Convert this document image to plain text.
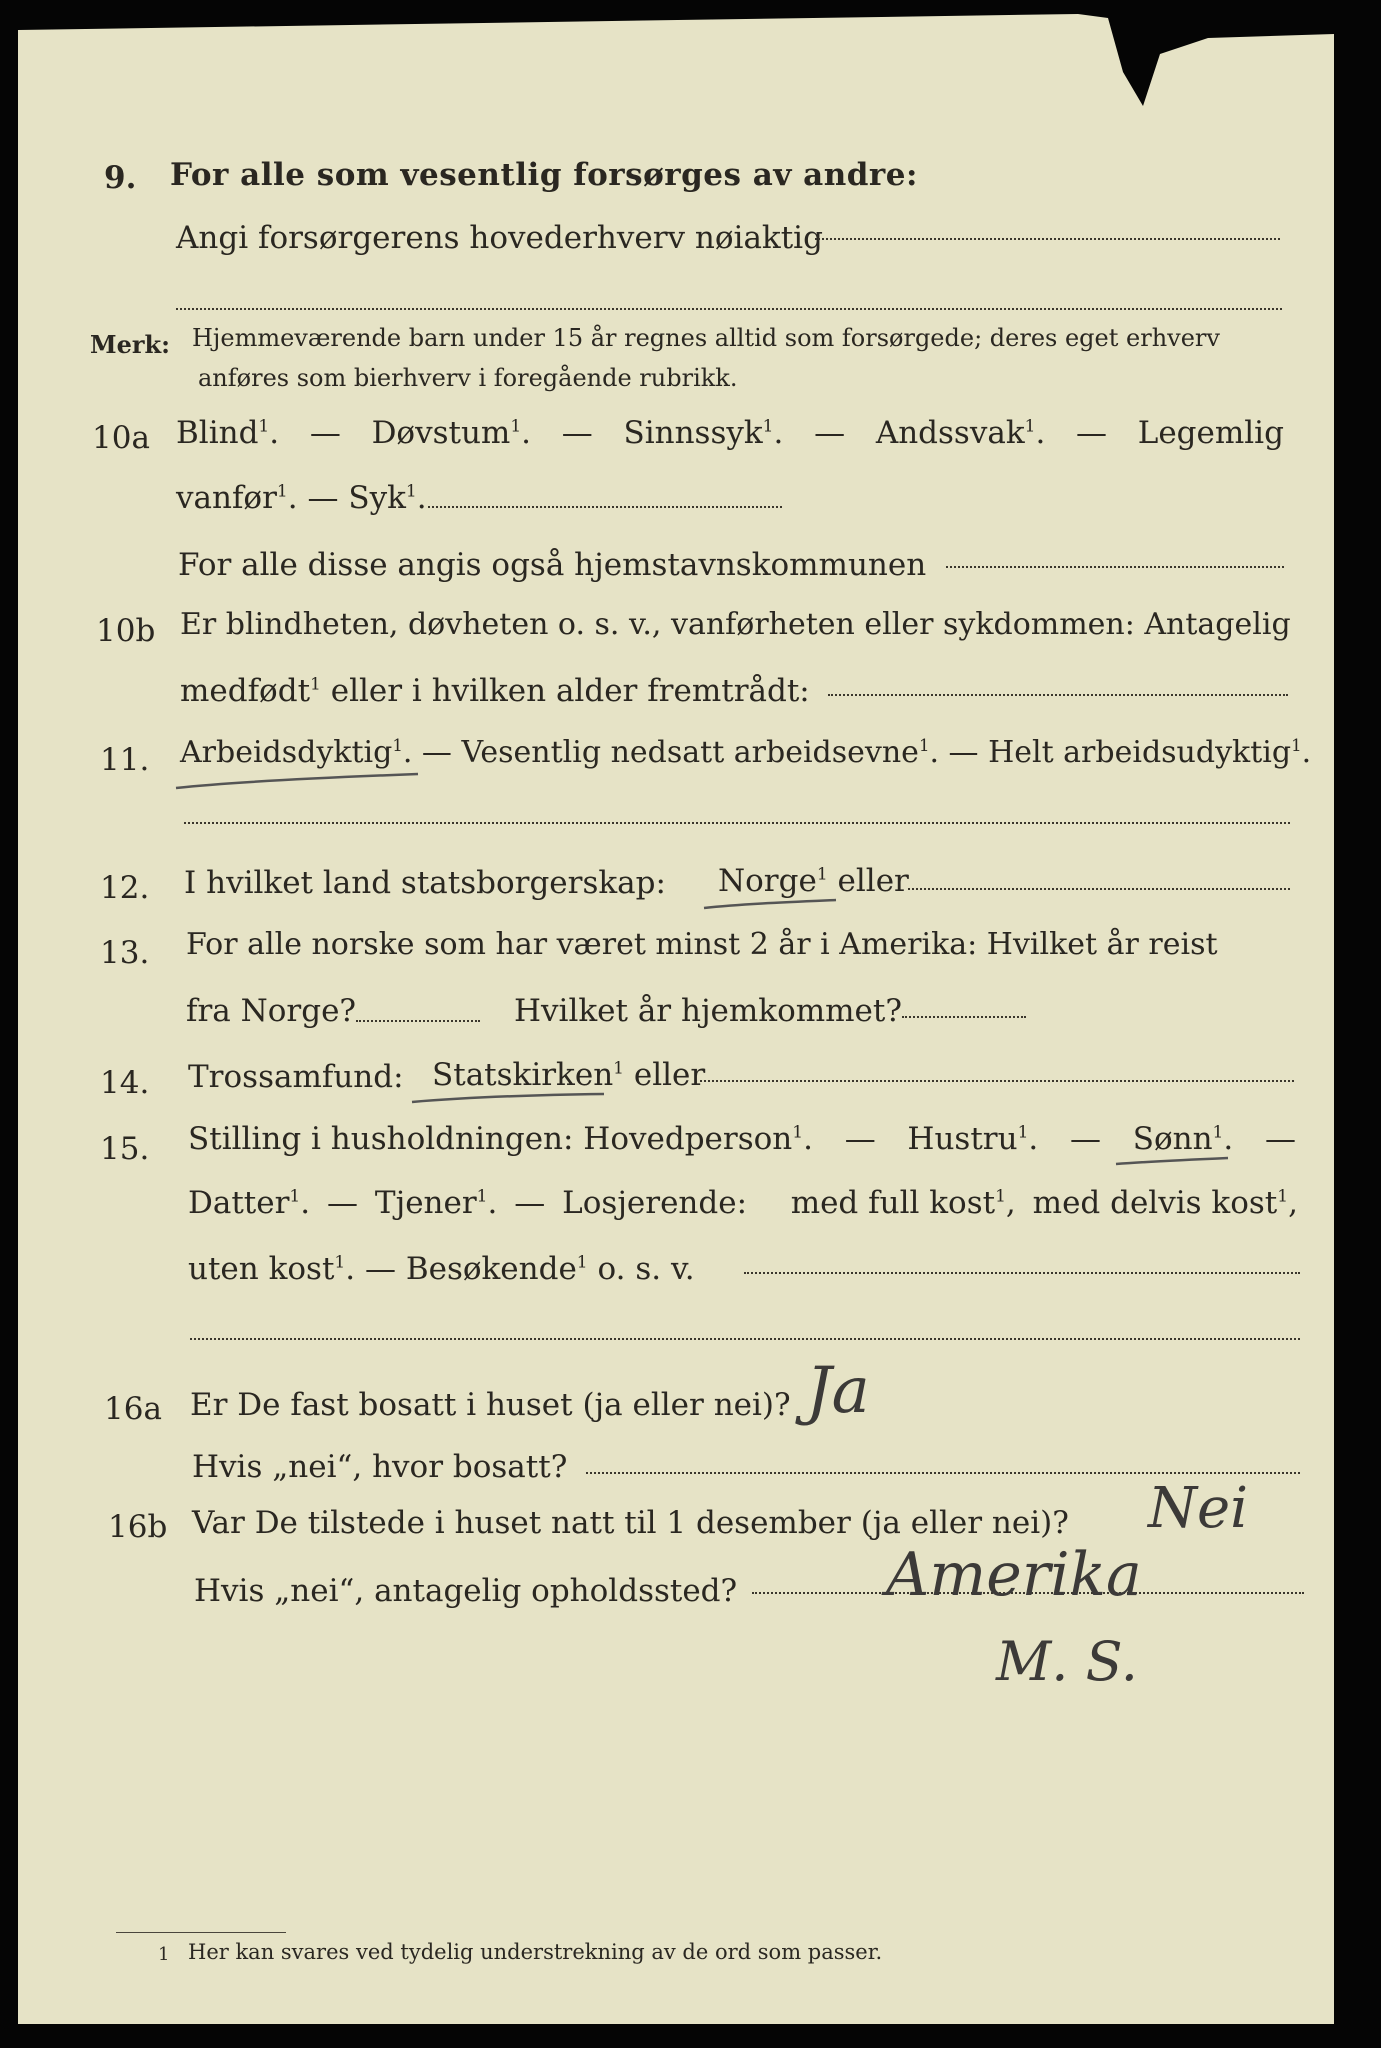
9. For alle som vesentlig forsørges av andre:
Angi forsørgerens hovederhverv nøiaktig
Merk: Hjemmeværende barn under 15 år regnes alltid som forsørgede; deres eget erhverv
anføres som bierhverv i foregående rubrikk.
10a Blind$^1$. — Døvstum$^1$. — Sinnssyk$^1$. — Andssvak$^1$. — Legemlig
vanfør$^1$. — Syk$^1$.
For alle disse angis også hjemstavnskommunen
10b Er blindheten, døvheten o. s. v., vanførheten eller sykdommen: Antagelig
medfødt$^1$ eller i hvilken alder fremtrådt:
11. Arbeidsdyktig$^1$. — Vesentlig nedsatt arbeidsevne$^1$. — Helt arbeidsudyktig$^1$.
12. I hvilket land statsborgerskap: Norge$^1$ eller
13. For alle norske som har været minst 2 år i Amerika: Hvilket år reist
fra Norge?	Hvilket år hjemkommet?
14. Trossamfund: Statskirken$^1$ eller
15. Stilling i husholdningen: Hovedperson$^1$. — Hustru$^1$. — Sønn$^1$. —
Datter$^1$. — Tjener$^1$. — Losjerende:
med full kost$^1$, med delvis kost$^1$,
uten kost$^1$. — Besøkende$^1$ o. s. v.
16a Er De fast bosatt i huset (ja eller nei)? Ja
Hvis „nei“, hvor bosatt?
16b Var De tilstede i huset natt til 1 desember (ja eller nei)? Nei
Hvis „nei“, antagelig opholdssted? Amerika
M. S.
1 Her kan svares ved tydelig understrekning av de ord som passer.
